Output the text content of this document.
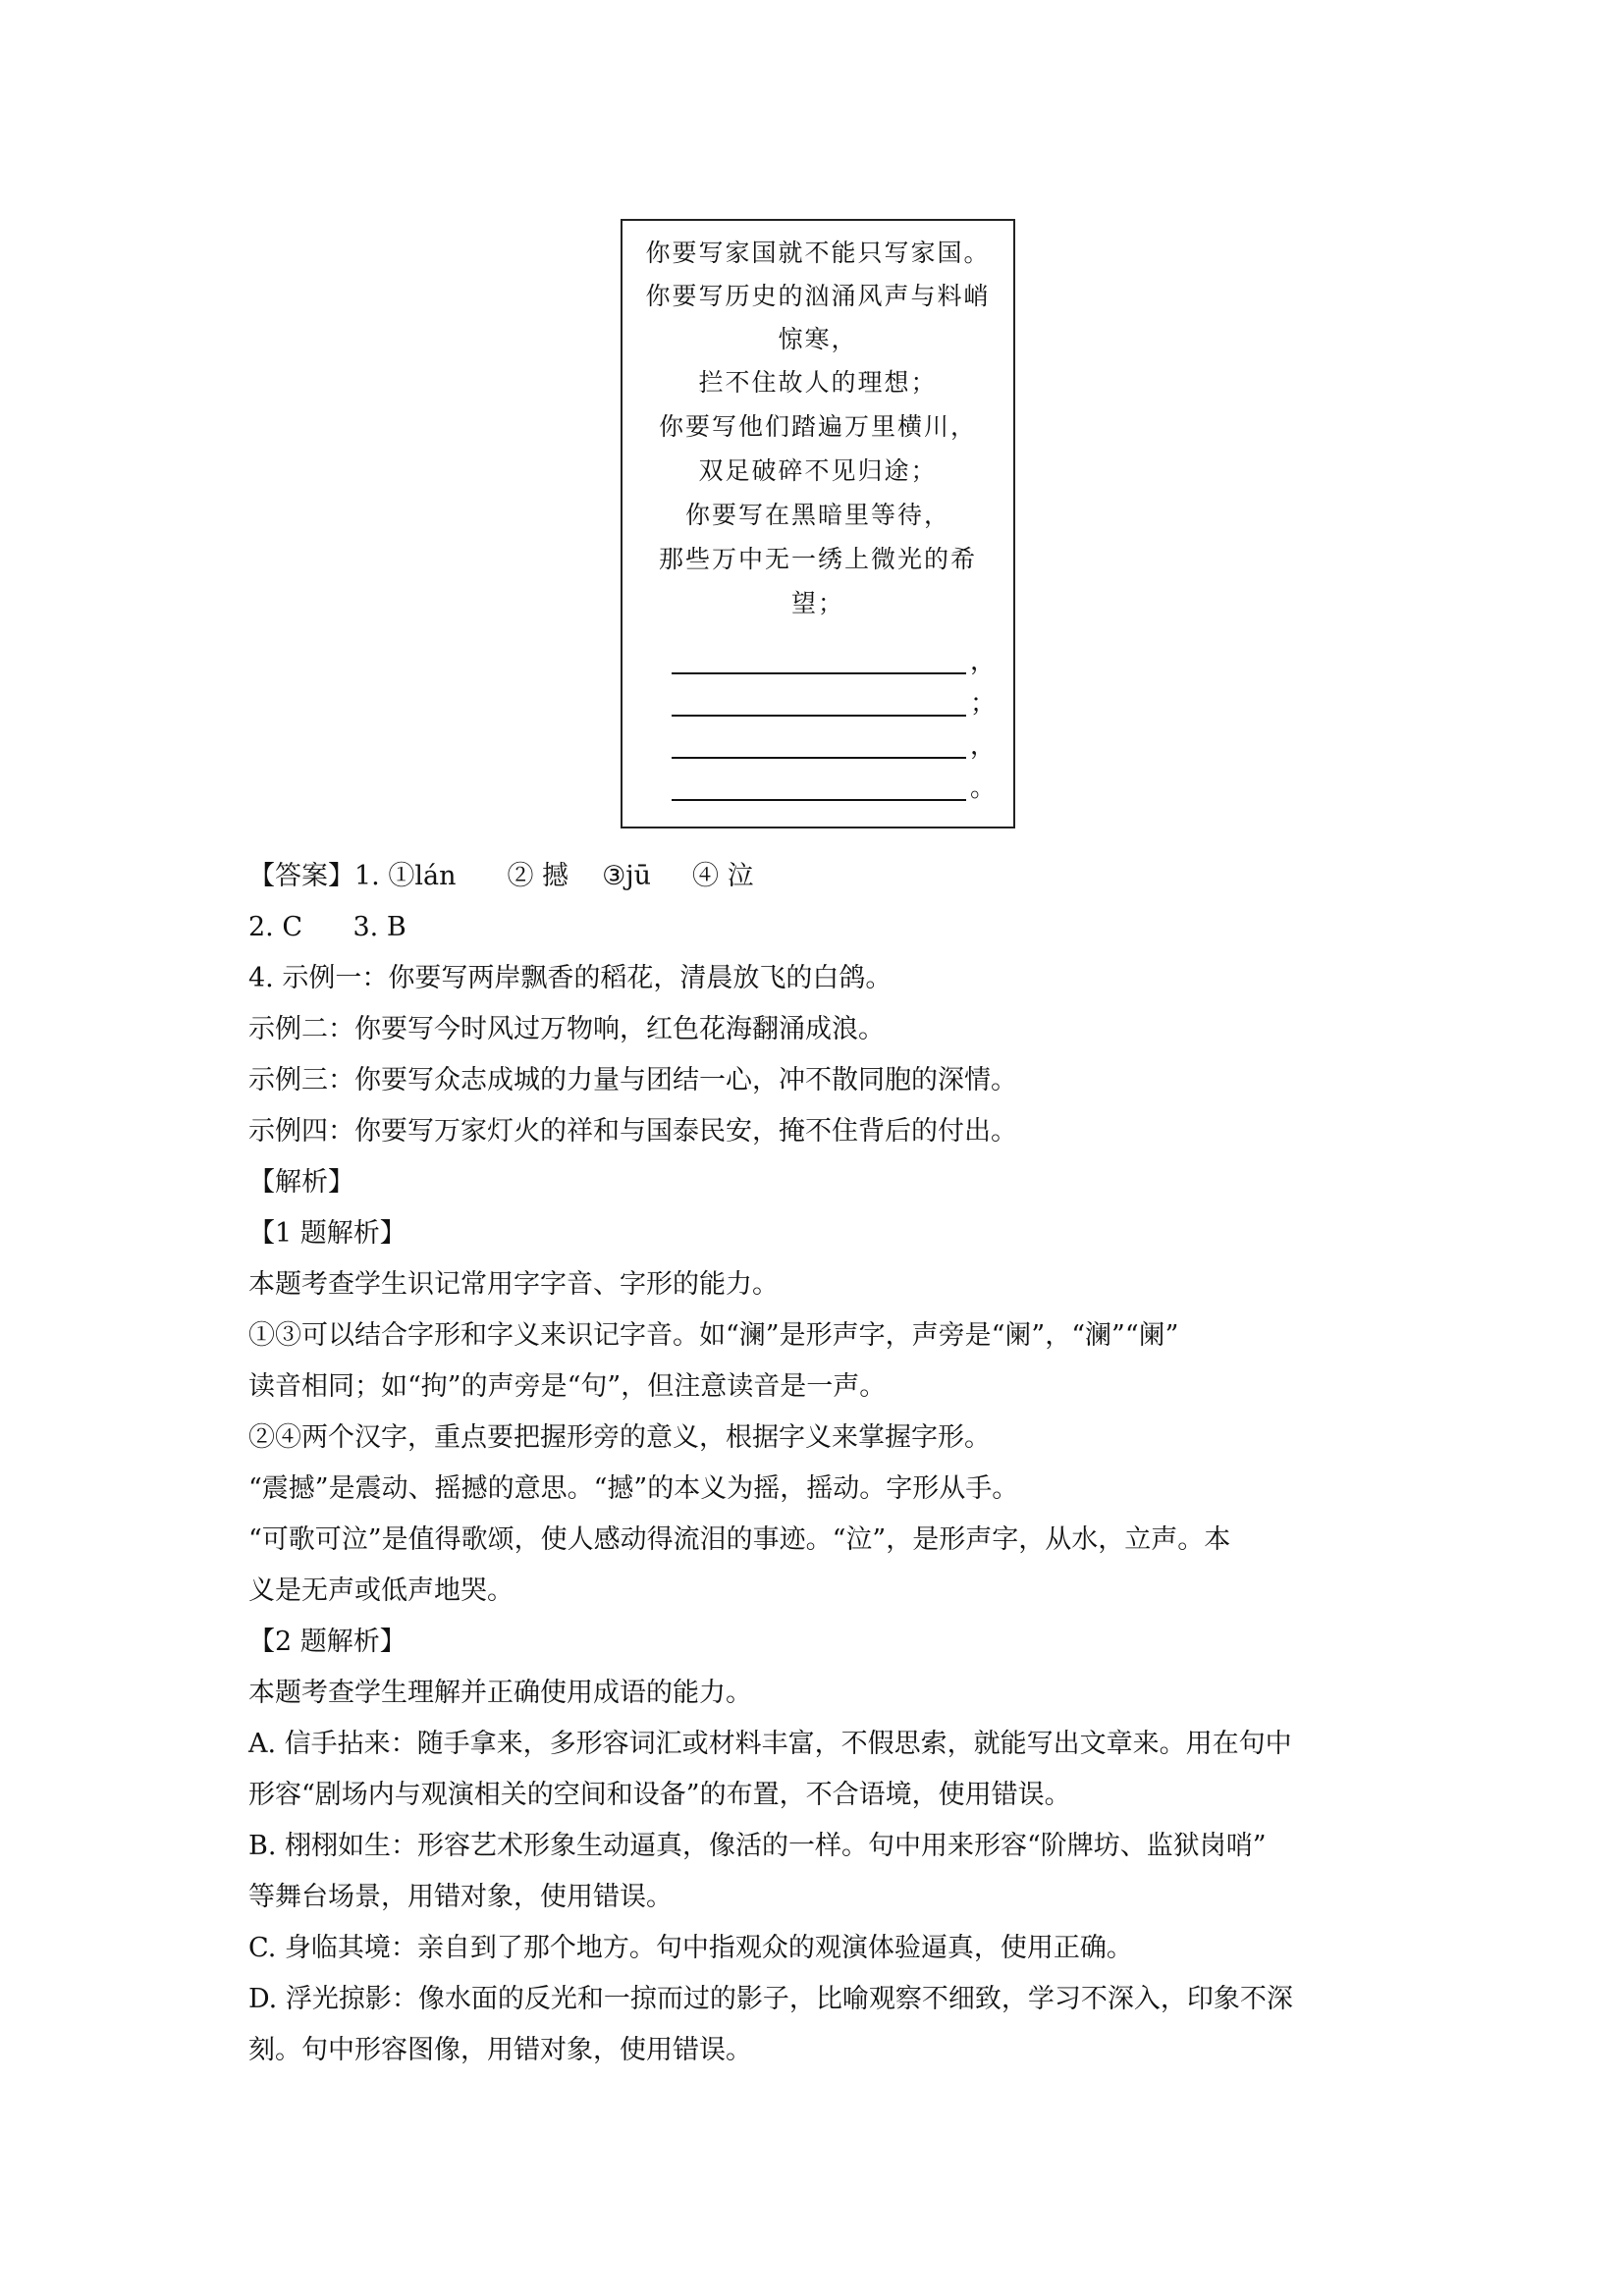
你要写家国就不能只写家国。
你要写历史的汹涌风声与料峭
惊寒，
拦不住故人的理想；
你要写他们踏遍万里横川，
双足破碎不见归途；
你要写在黑暗里等待，
那些万中无一绣上微光的希
望；
，
；
，
。
【答案】1. ①lán ② 撼 ③jū ④ 泣
2. C      3. B
4. 示例一：你要写两岸飘香的稻花，清晨放飞的白鸽。
示例二：你要写今时风过万物响，红色花海翻涌成浪。
示例三：你要写众志成城的力量与团结一心，冲不散同胞的深情。
示例四：你要写万家灯火的祥和与国泰民安，掩不住背后的付出。
【解析】
【1 题解析】
本题考查学生识记常用字字音、字形的能力。
①③可以结合字形和字义来识记字音。如“澜”是形声字，声旁是“阑”，“澜”“阑”
读音相同；如“拘”的声旁是“句”，但注意读音是一声。
②④两个汉字，重点要把握形旁的意义，根据字义来掌握字形。
“震撼”是震动、摇撼的意思。“撼”的本义为摇，摇动。字形从手。
“可歌可泣”是值得歌颂，使人感动得流泪的事迹。“泣”，是形声字，从水，立声。本
义是无声或低声地哭。
【2 题解析】
本题考查学生理解并正确使用成语的能力。
A. 信手拈来：随手拿来，多形容词汇或材料丰富，不假思索，就能写出文章来。用在句中
形容“剧场内与观演相关的空间和设备”的布置，不合语境，使用错误。
B. 栩栩如生：形容艺术形象生动逼真，像活的一样。句中用来形容“阶牌坊、监狱岗哨”
等舞台场景，用错对象，使用错误。
C. 身临其境：亲自到了那个地方。句中指观众的观演体验逼真，使用正确。
D. 浮光掠影：像水面的反光和一掠而过的影子，比喻观察不细致，学习不深入，印象不深
刻。句中形容图像，用错对象，使用错误。
